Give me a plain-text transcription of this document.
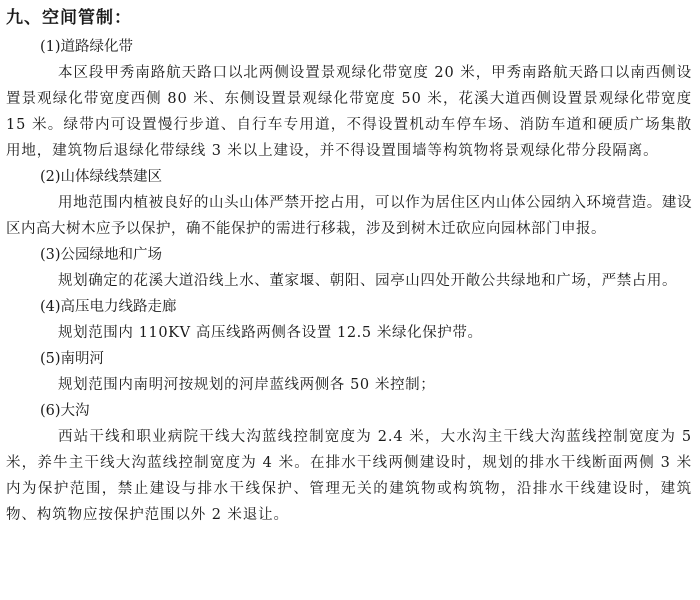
九、空间管制：
(1)道路绿化带

本区段甲秀南路航天路口以北两侧设置景观绿化带宽度 20 米，甲秀南路航天路口以南西侧设置景观绿化带宽度西侧 80 米、东侧设置景观绿化带宽度 50 米，花溪大道西侧设置景观绿化带宽度 15 米。绿带内可设置慢行步道、自行车专用道，不得设置机动车停车场、消防车道和硬质广场集散用地，建筑物后退绿化带绿线 3 米以上建设，并不得设置围墙等构筑物将景观绿化带分段隔离。

(2)山体绿线禁建区

用地范围内植被良好的山头山体严禁开挖占用，可以作为居住区内山体公园纳入环境营造。建设区内高大树木应予以保护，确不能保护的需进行移栽，涉及到树木迁砍应向园林部门申报。

(3)公园绿地和广场

规划确定的花溪大道沿线上水、董家堰、朝阳、园亭山四处开敞公共绿地和广场，严禁占用。

(4)高压电力线路走廊

规划范围内 110KV 高压线路两侧各设置 12.5 米绿化保护带。

(5)南明河

规划范围内南明河按规划的河岸蓝线两侧各 50 米控制；

(6)大沟

西站干线和职业病院干线大沟蓝线控制宽度为 2.4 米，大水沟主干线大沟蓝线控制宽度为 5 米，养牛主干线大沟蓝线控制宽度为 4 米。在排水干线两侧建设时，规划的排水干线断面两侧 3 米内为保护范围，禁止建设与排水干线保护、管理无关的建筑物或构筑物，沿排水干线建设时，建筑物、构筑物应按保护范围以外 2 米退让。
